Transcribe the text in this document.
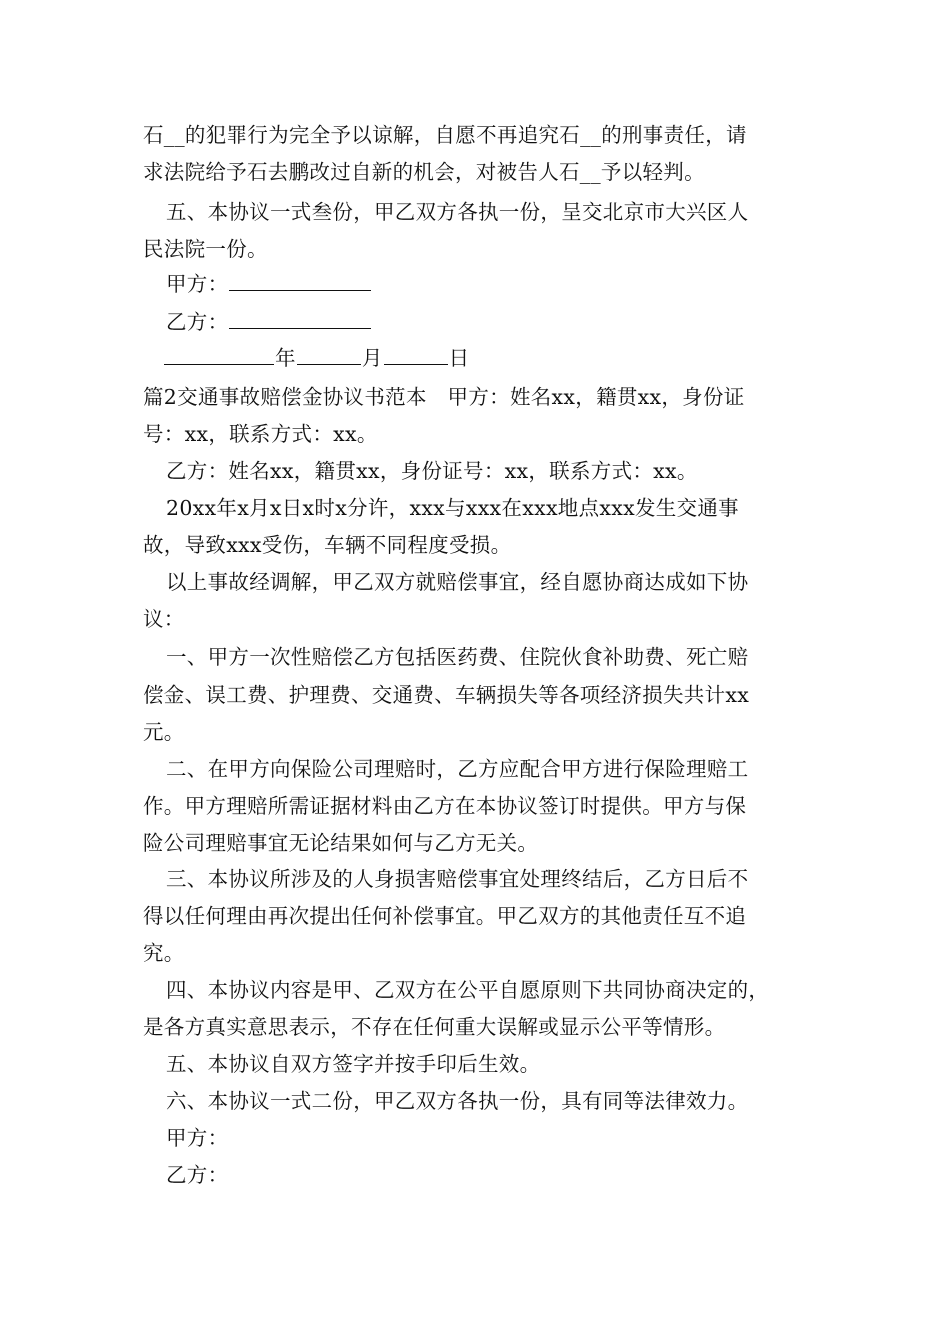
石__的犯罪行为完全予以谅解，自愿不再追究石__的刑事责任，请
求法院给予石去鹏改过自新的机会，对被告人石__予以轻判。
五、本协议一式叁份，甲乙双方各执一份，呈交北京市大兴区人
民法院一份。
甲方：
乙方：
年	月	日
篇2交通事故赔偿金协议书范本　甲方：姓名xx，籍贯xx，身份证
号：xx，联系方式：xx。
乙方：姓名xx，籍贯xx，身份证号：xx，联系方式：xx。
20xx年x月x日x时x分许，xxx与xxx在xxx地点xxx发生交通事
故，导致xxx受伤，车辆不同程度受损。
以上事故经调解，甲乙双方就赔偿事宜，经自愿协商达成如下协
议：
一、甲方一次性赔偿乙方包括医药费、住院伙食补助费、死亡赔
偿金、误工费、护理费、交通费、车辆损失等各项经济损失共计xx
元。
二、在甲方向保险公司理赔时，乙方应配合甲方进行保险理赔工
作。甲方理赔所需证据材料由乙方在本协议签订时提供。甲方与保
险公司理赔事宜无论结果如何与乙方无关。
三、本协议所涉及的人身损害赔偿事宜处理终结后，乙方日后不
得以任何理由再次提出任何补偿事宜。甲乙双方的其他责任互不追
究。
四、本协议内容是甲、乙双方在公平自愿原则下共同协商决定的，
是各方真实意思表示，不存在任何重大误解或显示公平等情形。
五、本协议自双方签字并按手印后生效。
六、本协议一式二份，甲乙双方各执一份，具有同等法律效力。
甲方：
乙方：
